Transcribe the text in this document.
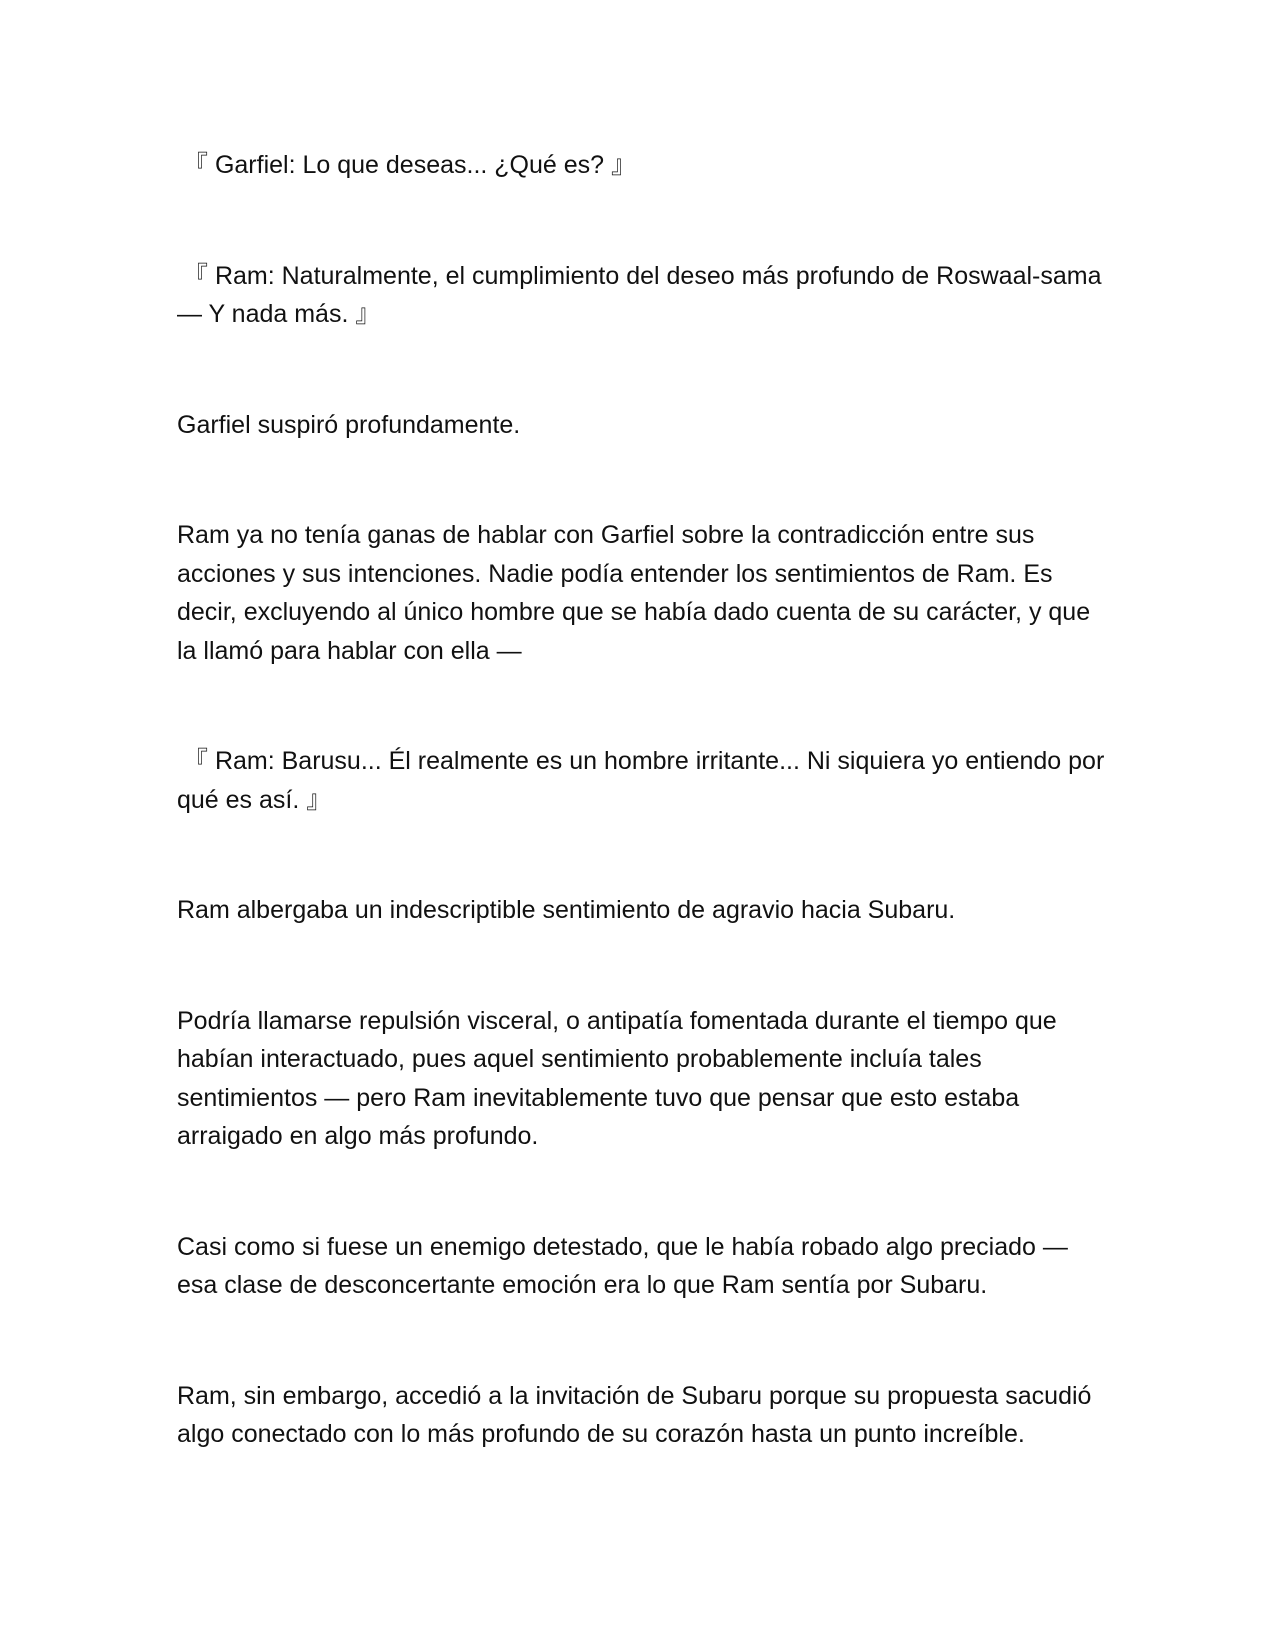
『 Garfiel: Lo que deseas... ¿Qué es? 』

『 Ram: Naturalmente, el cumplimiento del deseo más profundo de Roswaal-sama— Y nada más. 』

Garfiel suspiró profundamente.

Ram ya no tenía ganas de hablar con Garfiel sobre la contradicción entre sus acciones y sus intenciones. Nadie podía entender los sentimientos de Ram. Es decir, excluyendo al único hombre que se había dado cuenta de su carácter, y que la llamó para hablar con ella —

『 Ram: Barusu... Él realmente es un hombre irritante... Ni siquiera yo entiendo por qué es así. 』

Ram albergaba un indescriptible sentimiento de agravio hacia Subaru.

Podría llamarse repulsión visceral, o antipatía fomentada durante el tiempo que habían interactuado, pues aquel sentimiento probablemente incluía tales sentimientos — pero Ram inevitablemente tuvo que pensar que esto estaba arraigado en algo más profundo.

Casi como si fuese un enemigo detestado, que le había robado algo preciado — esa clase de desconcertante emoción era lo que Ram sentía por Subaru.

Ram, sin embargo, accedió a la invitación de Subaru porque su propuesta sacudió algo conectado con lo más profundo de su corazón hasta un punto increíble.
